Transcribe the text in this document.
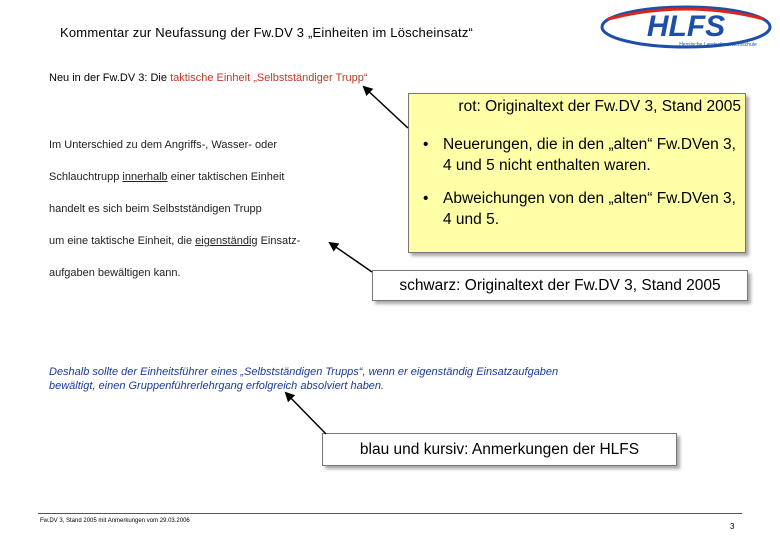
Kommentar zur Neufassung der Fw.DV 3 „Einheiten im Löscheinsatz“	HLFS
Hessische Landesfeuerwehrschule
Neu in der Fw.DV 3: Die taktische Einheit „Selbstständiger Trupp“
Im Unterschied zu dem Angriffs-, Wasser- oder
Schlauchtrupp innerhalb einer taktischen Einheit
handelt es sich beim Selbstständigen Trupp
um eine taktische Einheit, die eigenständig Einsatz-
aufgaben bewältigen kann.
rot: Originaltext der Fw.DV 3, Stand 2005
• Neuerungen, die in den „alten“ Fw.DVen 3, 4 und 5 nicht enthalten waren.
• Abweichungen von den „alten“ Fw.DVen 3, 4 und 5.
schwarz: Originaltext der Fw.DV 3, Stand 2005
Deshalb sollte der Einheitsführer eines „Selbstständigen Trupps“, wenn er eigenständig Einsatzaufgaben bewältigt, einen Gruppenführerlehrgang erfolgreich absolviert haben.
blau und kursiv: Anmerkungen der HLFS
Fw.DV 3, Stand 2005 mit Anmerkungen vom 29.03.2006
3
